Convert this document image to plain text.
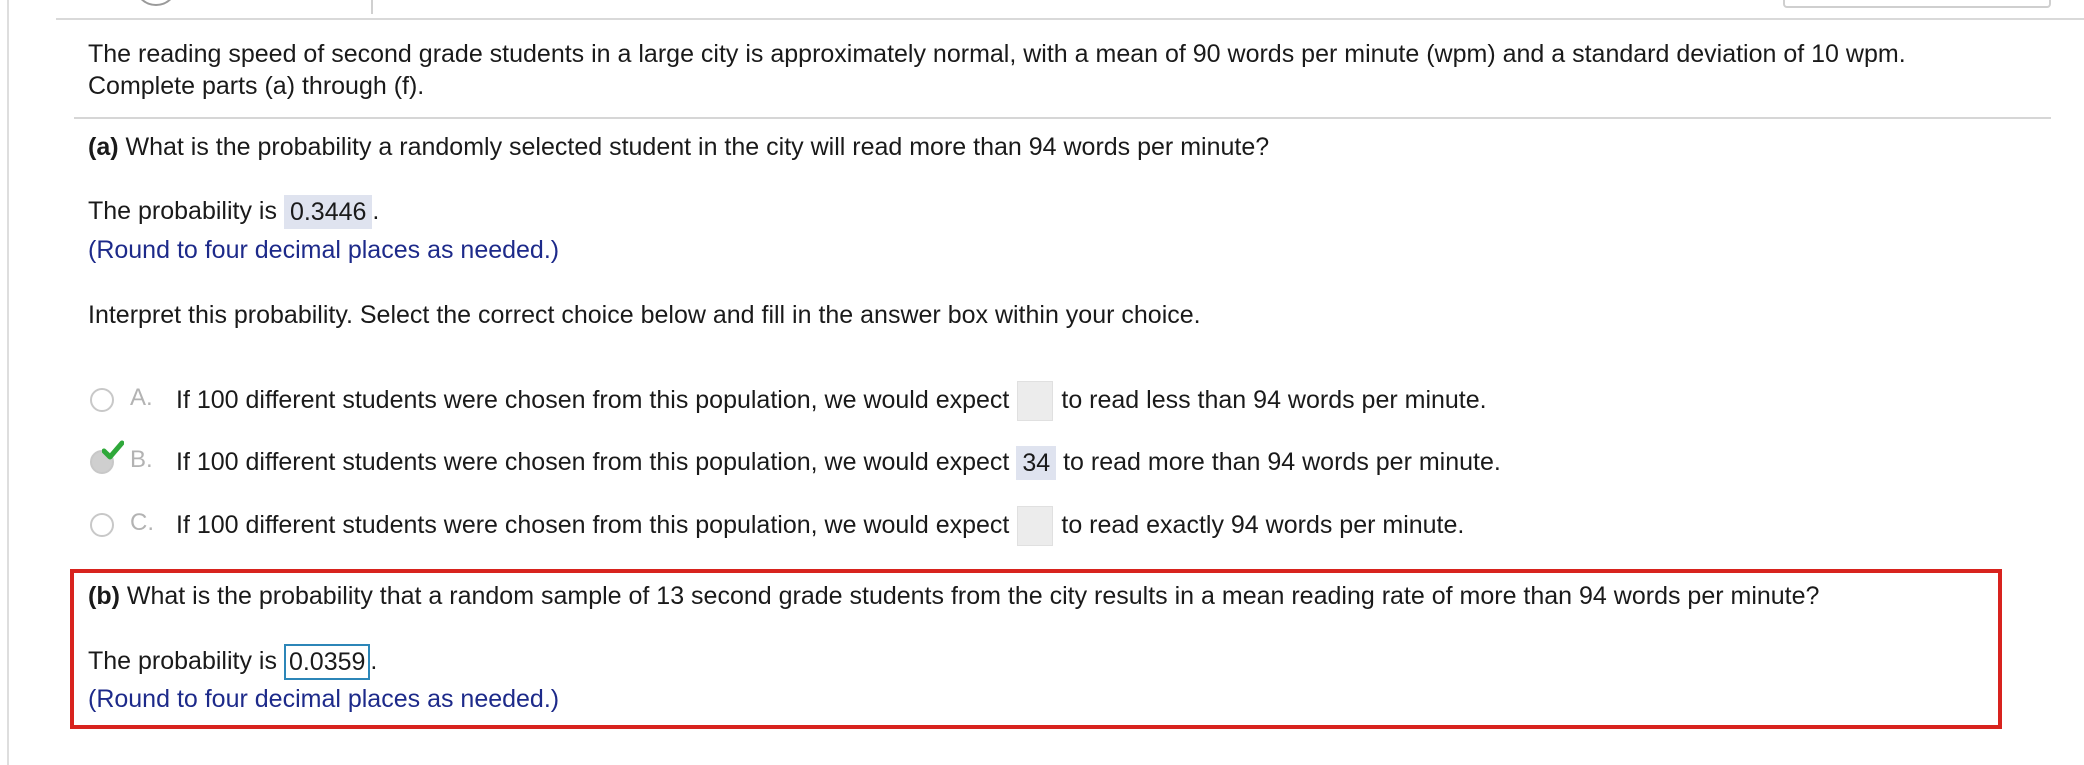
The reading speed of second grade students in a large city is approximately normal, with a mean of 90 words per minute (wpm) and a standard deviation of 10 wpm.
Complete parts (a) through (f).
(a) What is the probability a randomly selected student in the city will read more than 94 words per minute?
The probability is 0.3446 .
(Round to four decimal places as needed.)
Interpret this probability. Select the correct choice below and fill in the answer box within your choice.
A. If 100 different students were chosen from this population, we would expect to read less than 94 words per minute.
B. If 100 different students were chosen from this population, we would expect 34 to read more than 94 words per minute.
C. If 100 different students were chosen from this population, we would expect to read exactly 94 words per minute.
(b) What is the probability that a random sample of 13 second grade students from the city results in a mean reading rate of more than 94 words per minute?
The probability is 0.0359 .
(Round to four decimal places as needed.)
